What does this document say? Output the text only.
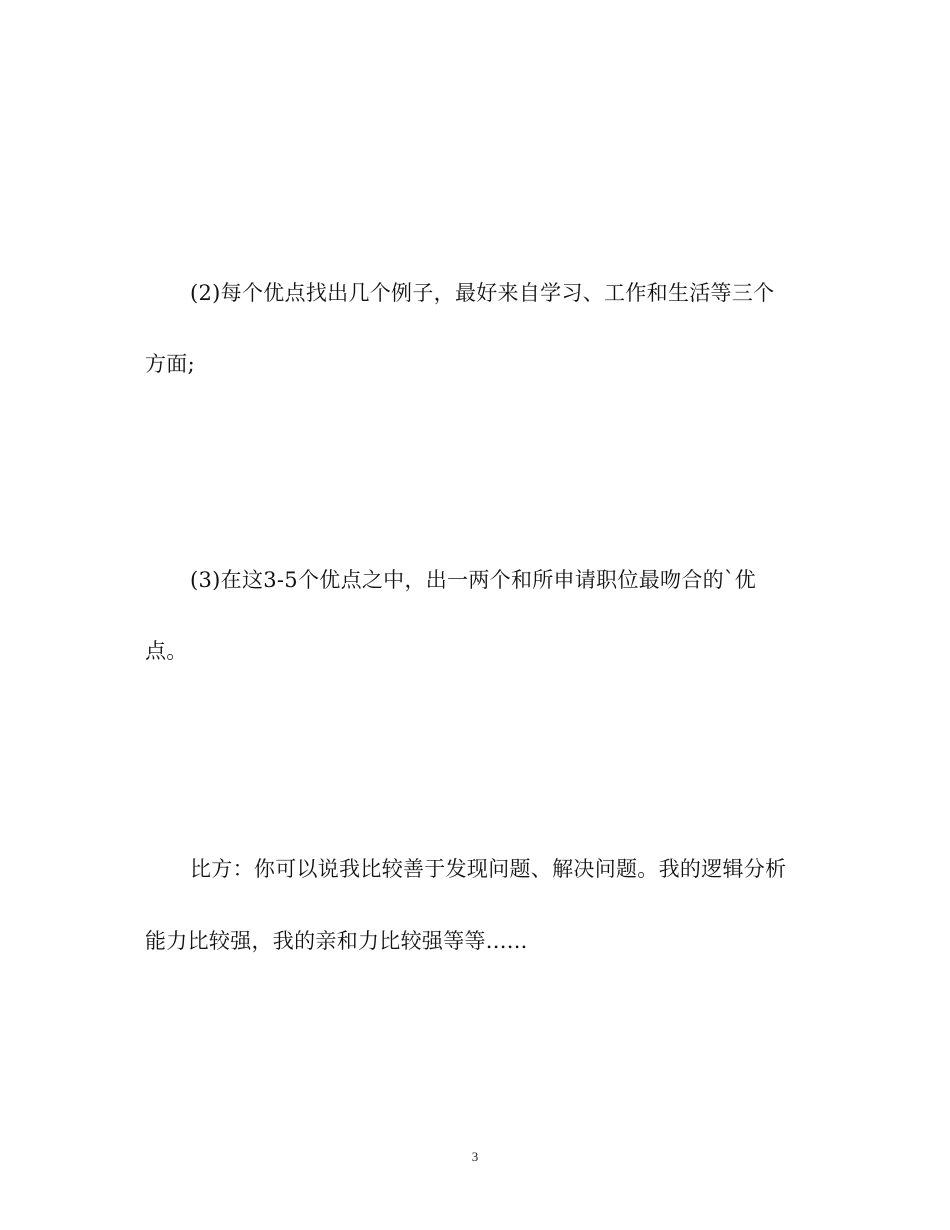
(2)每个优点找出几个例子，最好来自学习、工作和生活等三个
方面;
(3)在这3-5个优点之中，出一两个和所申请职位最吻合的`优
点。
比方：你可以说我比较善于发现问题、解决问题。我的逻辑分析
能力比较强，我的亲和力比较强等等......
3
